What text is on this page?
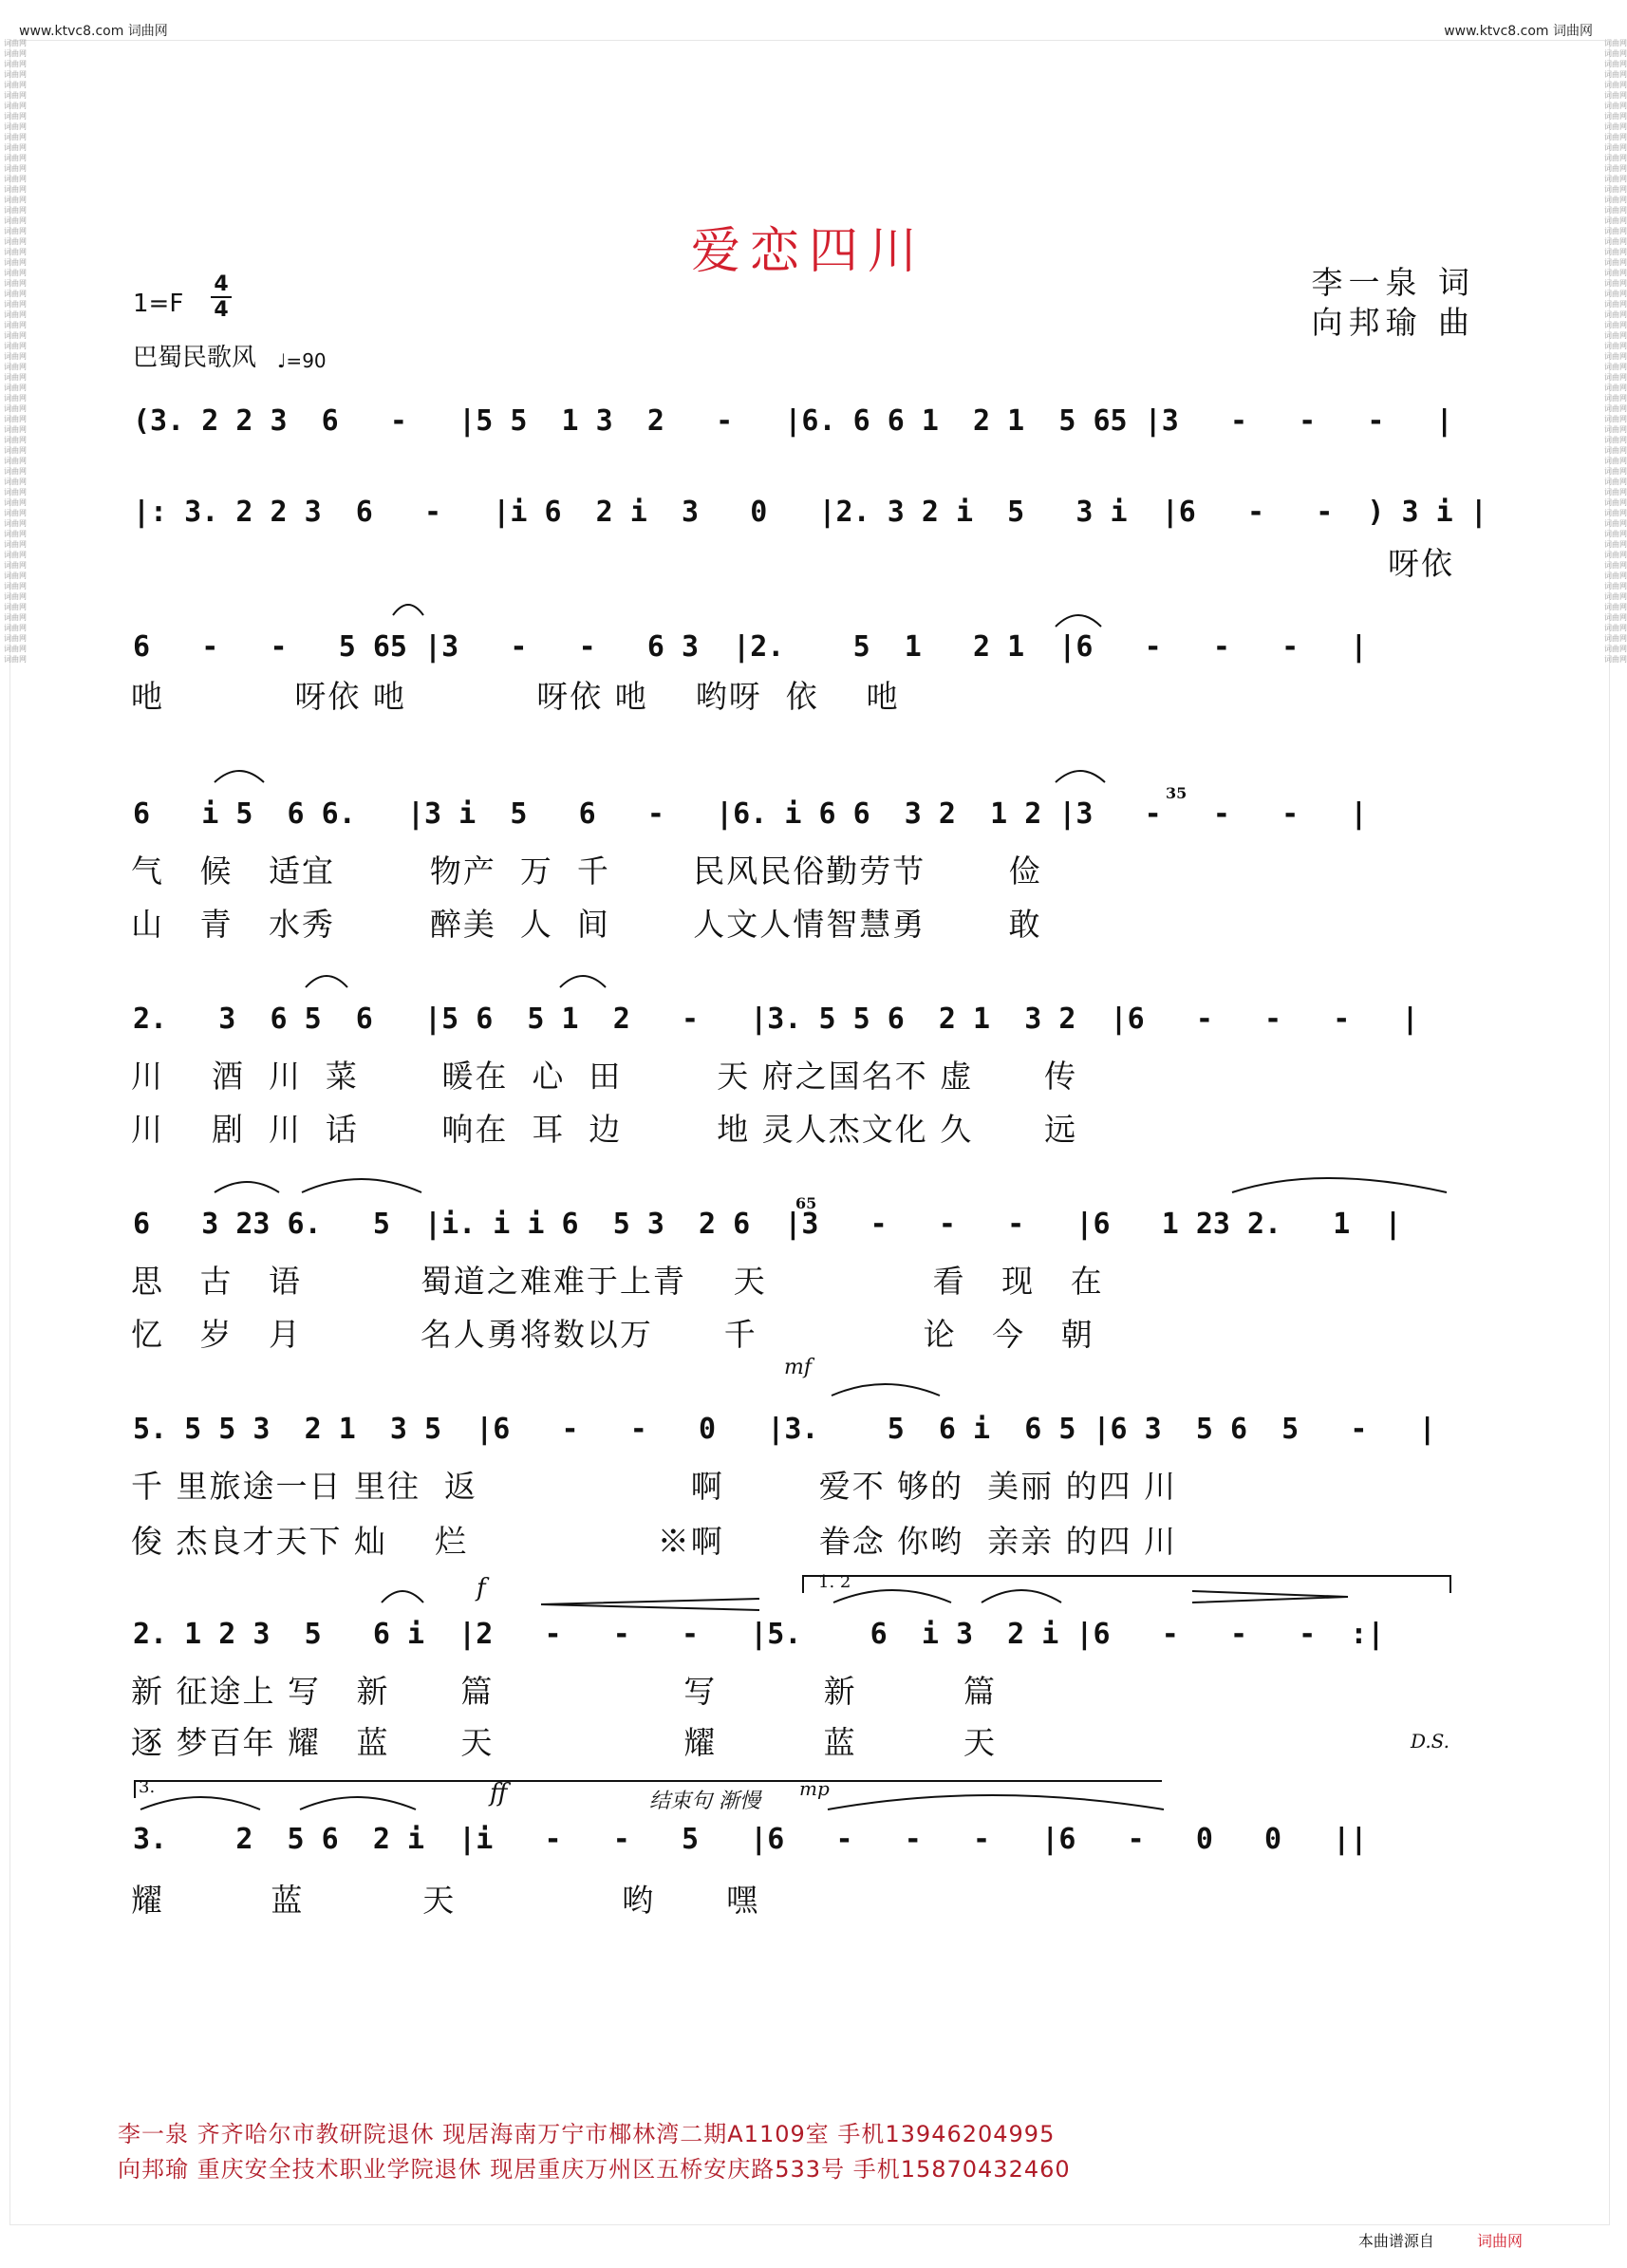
www.ktvc8.com 词曲网	www.ktvc8.com 词曲网
爱恋四川
李一泉 词
向邦瑜 曲
1=F
4
4
巴蜀民歌风 ♩=90
(3. 2 2 3  6   -   |5 5  1 3  2   -   |6. 6 6 1  2 1  5 65 |3   -   -   -   |
|: 3. 2 2 3  6   -   |i 6  2 i  3   0   |2. 3 2 i  5   3 i  |6   -   -  ) 3 i |
6   -   -   5 65 |3   -   -   6 3  |2.    5  1   2 1  |6   -   -   -   |
6   i 5  6 6.   |3 i  5   6   -   |6. i 6 6  3 2  1 2 |3   -   -   -   |
2.   3  6 5  6   |5 6  5 1  2   -   |3. 5 5 6  2 1  3 2  |6   -   -   -   |
6   3 23 6.   5  |i. i i 6  5 3  2 6  |3   -   -   -   |6   1 23 2.   1  |
5. 5 5 3  2 1  3 5  |6   -   -   0   |3.    5  6 i  6 5 |6 3  5 6  5   -   |
2. 1 2 3  5   6 i  |2   -   -   -   |5.    6  i 3  2 i |6   -   -   -  :|
3.    2  5 6  2 i  |i   -   -   5   |6   -   -   -   |6   -   0   0   ||
呀依
吔           呀依 吔           呀依 吔    哟呀  依    吔
气   候   适宜        物产  万  千       民风民俗勤劳节       俭
山   青   水秀        醉美  人  间       人文人情智慧勇       敢
川    酒  川  菜       暖在  心  田        天 府之国名不 虚      传
川    剧  川  话       响在  耳  边        地 灵人杰文化 久      远
思   古   语          蜀道之难难于上青    天              看   现   在
忆   岁   月          名人勇将数以万      千              论   今   朝
千 里旅途一日 里往  返                  啊        爱不 够的  美丽 的四 川
俊 杰良才天下 灿    烂                ※啊        眷念 你哟  亲亲 的四 川
新 征途上 写   新      篇                写         新         篇
逐 梦百年 耀   蓝      天                耀         蓝         天
耀         蓝          天              哟      嘿
35
65
mf
f	1. 2
D.S.
3.	ff	结束句 渐慢
mp
词曲网
词曲网
词曲网
词曲网
词曲网
词曲网
词曲网
词曲网
词曲网
词曲网
词曲网
词曲网
词曲网
词曲网
词曲网
词曲网
词曲网
词曲网
词曲网
词曲网
词曲网
词曲网
词曲网
词曲网
词曲网
词曲网
词曲网
词曲网
词曲网
词曲网
词曲网
词曲网
词曲网
词曲网
词曲网
词曲网
词曲网
词曲网
词曲网
词曲网
词曲网
词曲网
词曲网
词曲网
词曲网
词曲网
词曲网
词曲网
词曲网
词曲网
词曲网
词曲网
词曲网
词曲网
词曲网
词曲网
词曲网
词曲网
词曲网
词曲网

词曲网
词曲网
词曲网
词曲网
词曲网
词曲网
词曲网
词曲网
词曲网
词曲网
词曲网
词曲网
词曲网
词曲网
词曲网
词曲网
词曲网
词曲网
词曲网
词曲网
词曲网
词曲网
词曲网
词曲网
词曲网
词曲网
词曲网
词曲网
词曲网
词曲网
词曲网
词曲网
词曲网
词曲网
词曲网
词曲网
词曲网
词曲网
词曲网
词曲网
词曲网
词曲网
词曲网
词曲网
词曲网
词曲网
词曲网
词曲网
词曲网
词曲网
词曲网
词曲网
词曲网
词曲网
词曲网
词曲网
词曲网
词曲网
词曲网
词曲网

李一泉 齐齐哈尔市教研院退休 现居海南万宁市椰林湾二期A1109室 手机13946204995
向邦瑜 重庆安全技术职业学院退休 现居重庆万州区五桥安庆路533号 手机15870432460
本曲谱源自	词曲网
